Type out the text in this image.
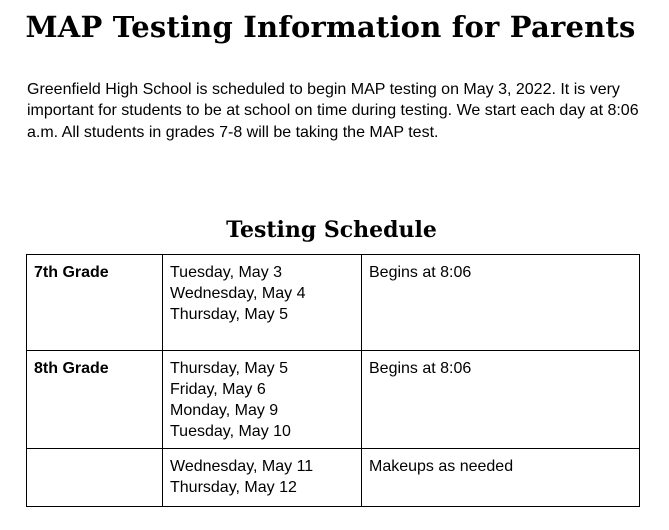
MAP Testing Information for Parents

Greenfield High School is scheduled to begin MAP testing on May 3, 2022. It is very important for students to be at school on time during testing. We start each day at 8:06 a.m. All students in grades 7-8 will be taking the MAP test.

Testing Schedule
7th Grade	Tuesday, May 3
Wednesday, May 4
Thursday, May 5	Begins at 8:06
8th Grade	Thursday, May 5
Friday, May 6
Monday, May 9
Tuesday, May 10	Begins at 8:06

	Wednesday, May 11
Thursday, May 12	Makeups as needed
